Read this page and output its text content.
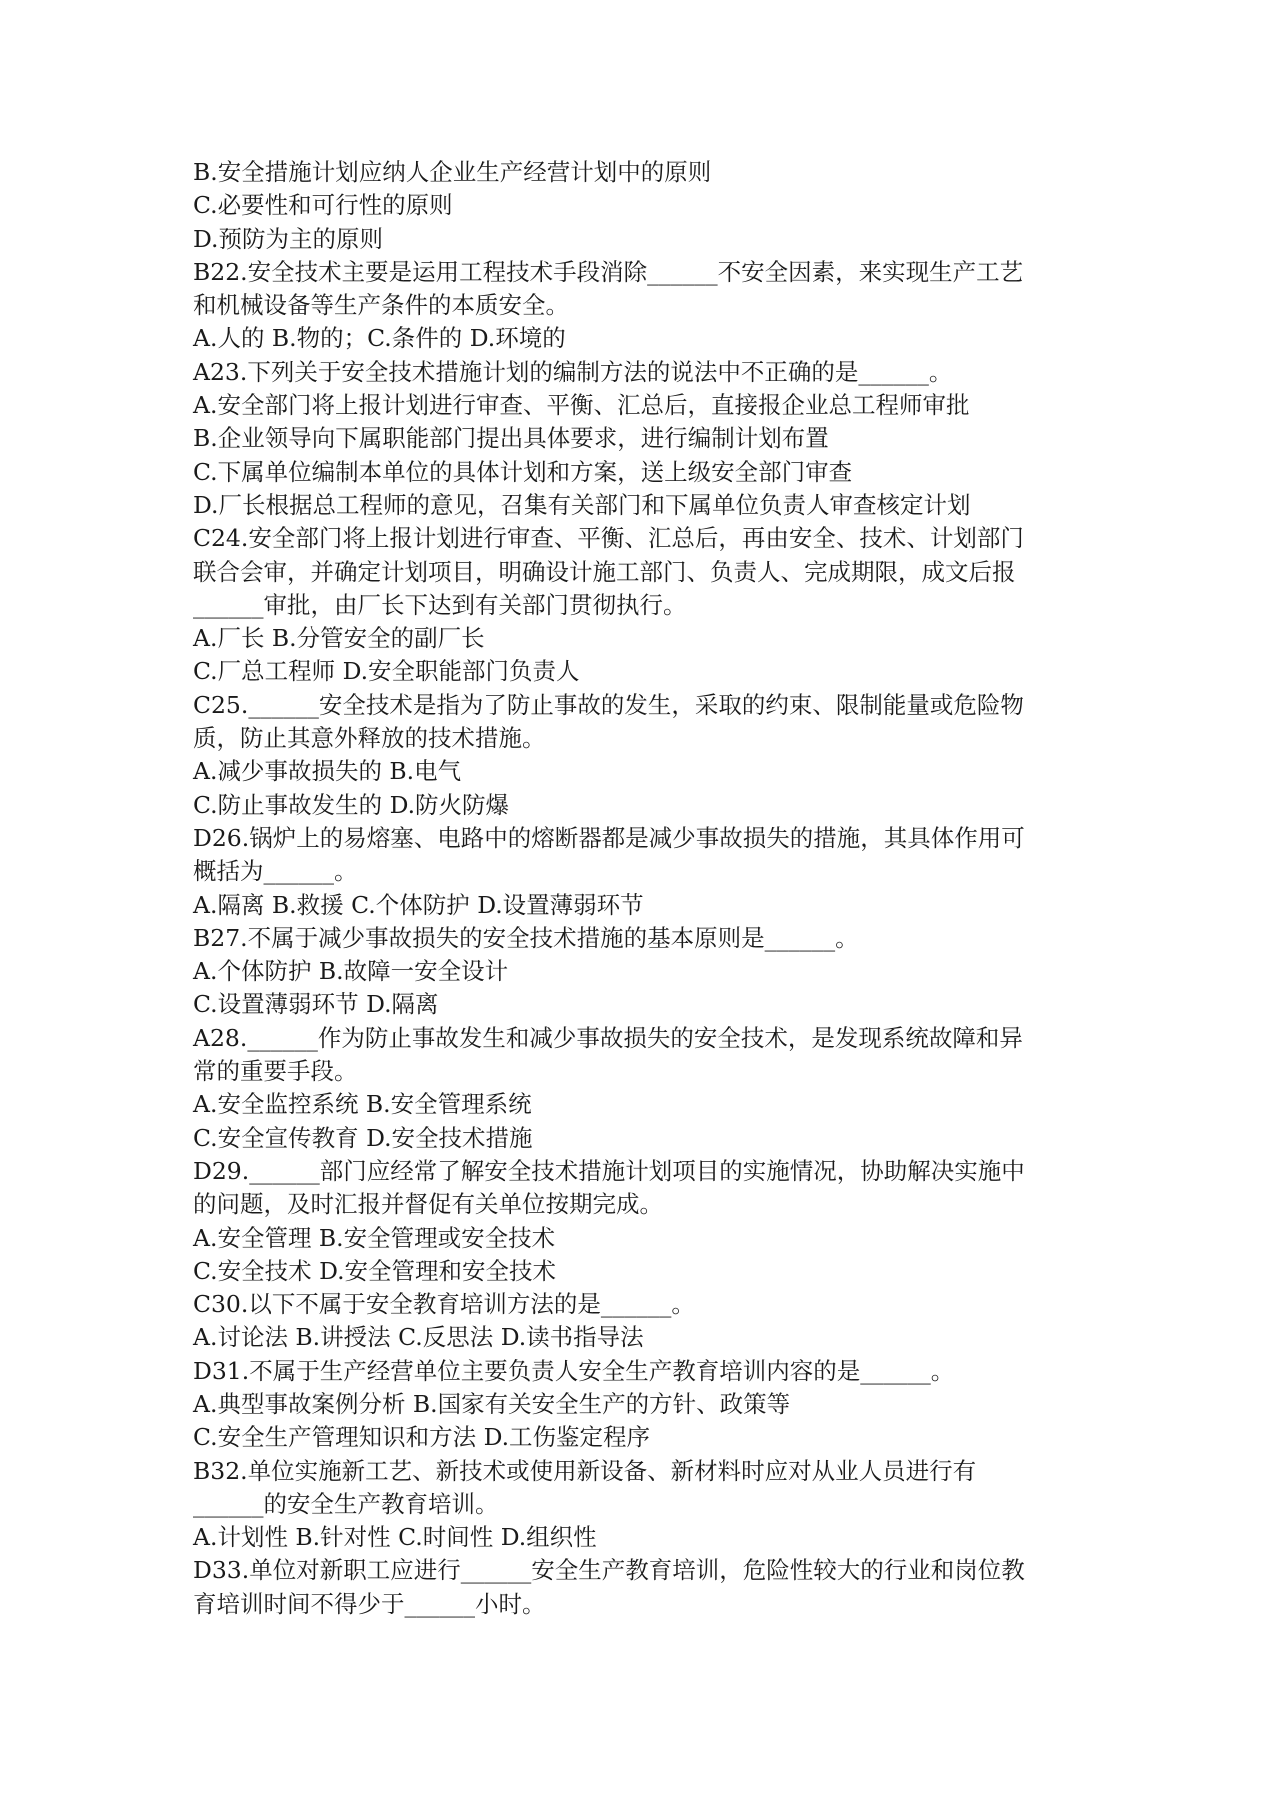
B.安全措施计划应纳人企业生产经营计划中的原则
C.必要性和可行性的原则
D.预防为主的原则
B22.安全技术主要是运用工程技术手段消除______不安全因素，来实现生产工艺
和机械设备等生产条件的本质安全。
A.人的 B.物的；C.条件的 D.环境的
A23.下列关于安全技术措施计划的编制方法的说法中不正确的是______。
A.安全部门将上报计划进行审查、平衡、汇总后，直接报企业总工程师审批
B.企业领导向下属职能部门提出具体要求，进行编制计划布置
C.下属单位编制本单位的具体计划和方案，送上级安全部门审查
D.厂长根据总工程师的意见，召集有关部门和下属单位负责人审查核定计划
C24.安全部门将上报计划进行审查、平衡、汇总后，再由安全、技术、计划部门
联合会审，并确定计划项目，明确设计施工部门、负责人、完成期限，成文后报
______审批，由厂长下达到有关部门贯彻执行。
A.厂长 B.分管安全的副厂长
C.厂总工程师 D.安全职能部门负责人
C25.______安全技术是指为了防止事故的发生，采取的约束、限制能量或危险物
质，防止其意外释放的技术措施。
A.减少事故损失的 B.电气
C.防止事故发生的 D.防火防爆
D26.锅炉上的易熔塞、电路中的熔断器都是减少事故损失的措施，其具体作用可
概括为______。
A.隔离 B.救援 C.个体防护 D.设置薄弱环节
B27.不属于减少事故损失的安全技术措施的基本原则是______。
A.个体防护 B.故障一安全设计
C.设置薄弱环节 D.隔离
A28.______作为防止事故发生和减少事故损失的安全技术，是发现系统故障和异
常的重要手段。
A.安全监控系统 B.安全管理系统
C.安全宣传教育 D.安全技术措施
D29.______部门应经常了解安全技术措施计划项目的实施情况，协助解决实施中
的问题，及时汇报并督促有关单位按期完成。
A.安全管理 B.安全管理或安全技术
C.安全技术 D.安全管理和安全技术
C30.以下不属于安全教育培训方法的是______。
A.讨论法 B.讲授法 C.反思法 D.读书指导法
D31.不属于生产经营单位主要负责人安全生产教育培训内容的是______。
A.典型事故案例分析 B.国家有关安全生产的方针、政策等
C.安全生产管理知识和方法 D.工伤鉴定程序
B32.单位实施新工艺、新技术或使用新设备、新材料时应对从业人员进行有
______的安全生产教育培训。
A.计划性 B.针对性 C.时间性 D.组织性
D33.单位对新职工应进行______安全生产教育培训，危险性较大的行业和岗位教
育培训时间不得少于______小时。
